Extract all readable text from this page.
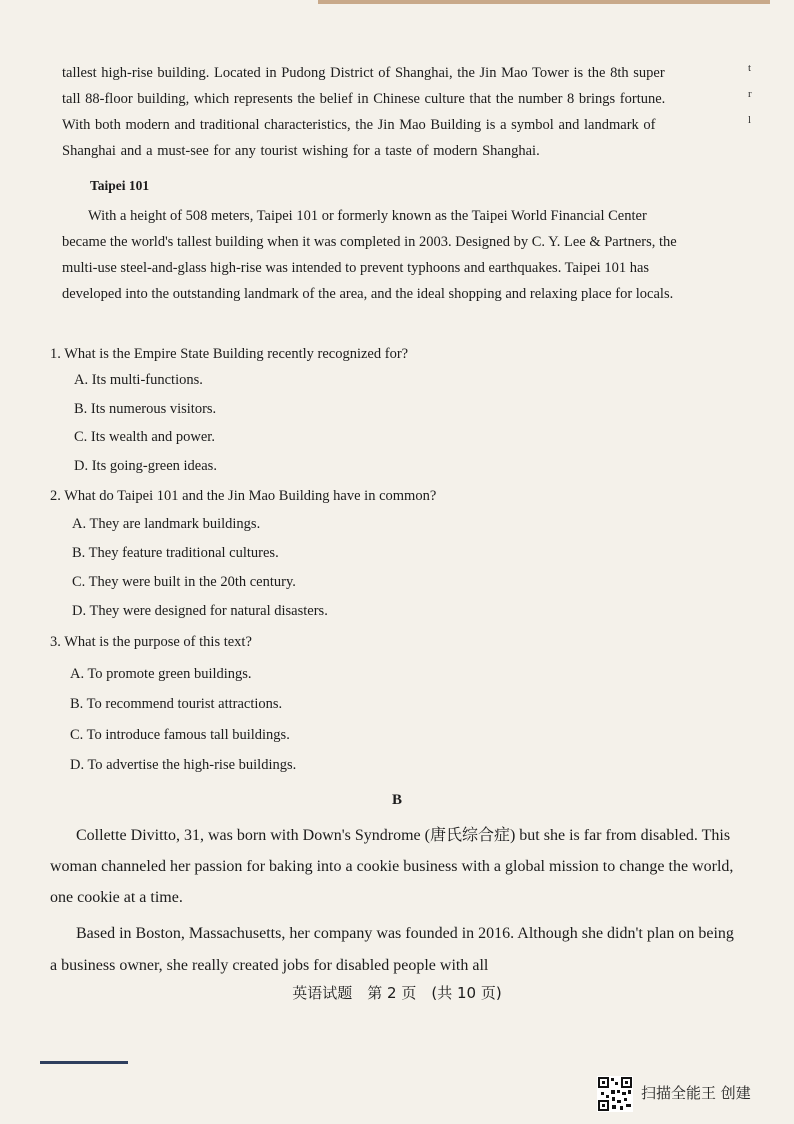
t
r
l

tallest high-rise building. Located in Pudong District of Shanghai, the Jin Mao Tower is the 8th super tall 88-floor building, which represents the belief in Chinese culture that the number 8 brings fortune. With both modern and traditional characteristics, the Jin Mao Building is a symbol and landmark of Shanghai and a must-see for any tourist wishing for a taste of modern Shanghai.

Taipei 101

With a height of 508 meters, Taipei 101 or formerly known as the Taipei World Financial Center became the world's tallest building when it was completed in 2003. Designed by C. Y. Lee & Partners, the multi-use steel-and-glass high-rise was intended to prevent typhoons and earthquakes. Taipei 101 has developed into the outstanding landmark of the area, and the ideal shopping and relaxing place for locals.

1. What is the Empire State Building recently recognized for?
A. Its multi-functions.
B. Its numerous visitors.
C. Its wealth and power.
D. Its going-green ideas.
2. What do Taipei 101 and the Jin Mao Building have in common?
A. They are landmark buildings.
B. They feature traditional cultures.
C. They were built in the 20th century.
D. They were designed for natural disasters.
3. What is the purpose of this text?
A. To promote green buildings.
B. To recommend tourist attractions.
C. To introduce famous tall buildings.
D. To advertise the high-rise buildings.
B

Collette Divitto, 31, was born with Down's Syndrome (唐氏综合症) but she is far from disabled. This woman channeled her passion for baking into a cookie business with a global mission to change the world, one cookie at a time.

Based in Boston, Massachusetts, her company was founded in 2016. Although she didn't plan on being a business owner, she really created jobs for disabled people with all

英语试题　第 2 页　(共 10 页)
扫描全能王 创建
